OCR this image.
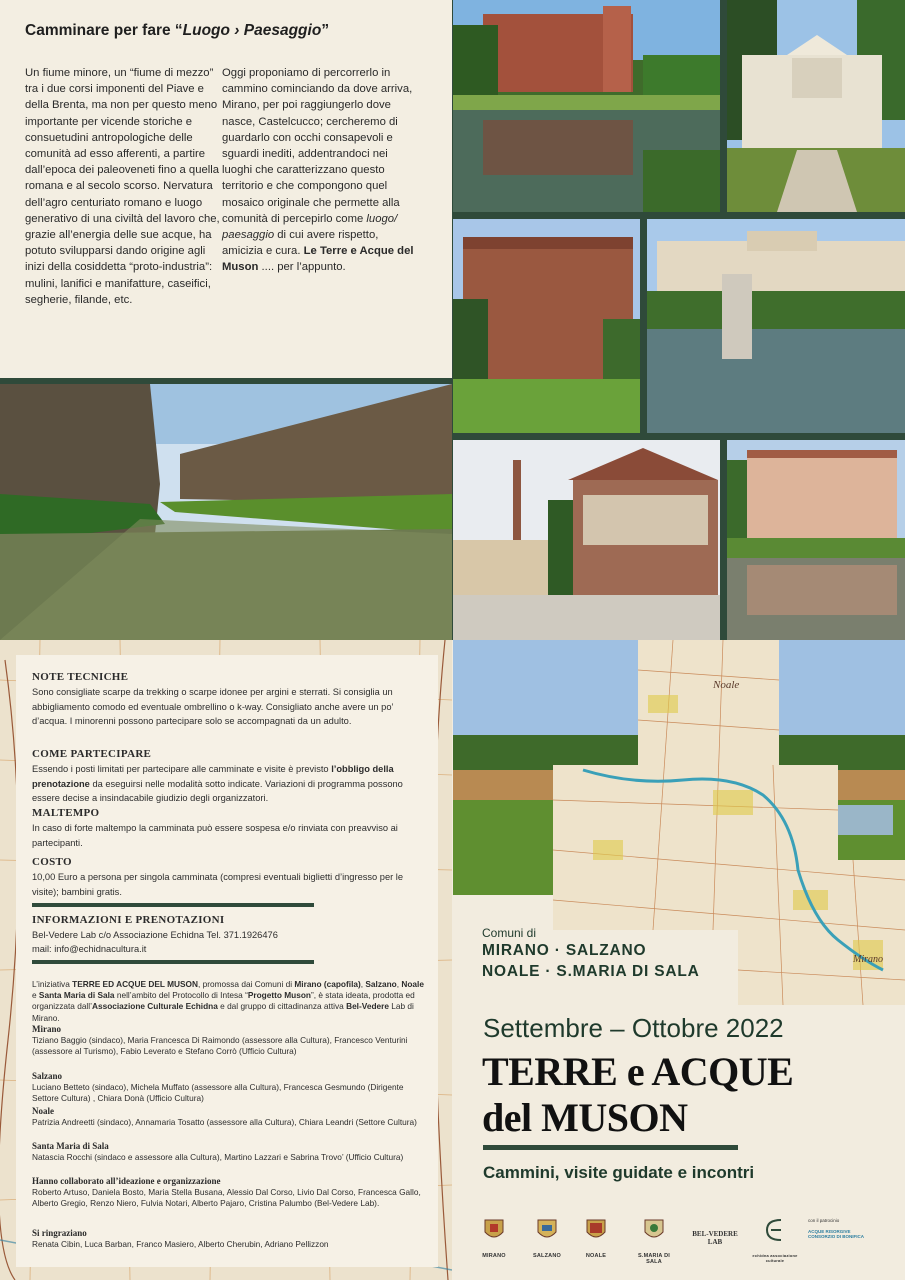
Camminare per fare “Luogo › Paesaggio”
Un fiume minore, un “fiume di mezzo” tra i due corsi imponenti del Piave e della Brenta, ma non per questo meno importante per vicende storiche e consuetudini antropologiche delle comunità ad esso afferenti, a partire dall’epoca dei paleoveneti fino a quella romana e al secolo scorso. Nervatura dell’agro centuriato romano e luogo generativo di una civiltà del lavoro che, grazie all’energia delle sue acque, ha potuto svilupparsi dando origine agli inizi della cosiddetta “proto-industria”: mulini, lanifici e manifatture, caseifici, segherie, filande, etc.
Oggi proponiamo di percorrerlo in cammino cominciando da dove arriva, Mirano, per poi raggiungerlo dove nasce, Castelcucco; cercheremo di guardarlo con occhi consapevoli e sguardi inediti, addentrandoci nei luoghi che caratterizzano questo territorio e che compongono quel mosaico originale che permette alla comunità di percepirlo come luogo/ paesaggio di cui avere rispetto, amicizia e cura. Le Terre e Acque del Muson .... per l’appunto.
NOTE TECNICHE
Sono consigliate scarpe da trekking o scarpe idonee per argini e sterrati. Si consiglia un abbigliamento comodo ed eventuale ombrellino o k-way. Consigliato anche avere un po’ d’acqua. I minorenni possono partecipare solo se accompagnati da un adulto.
COME PARTECIPARE
Essendo i posti limitati per partecipare alle camminate e visite è previsto l’obbligo della prenotazione da eseguirsi nelle modalità sotto indicate. Variazioni di programma possono essere decise a insindacabile giudizio degli organizzatori.
MALTEMPO
In caso di forte maltempo la camminata può essere sospesa e/o rinviata con preavviso ai partecipanti.
COSTO
10,00 Euro a persona per singola camminata (compresi eventuali biglietti d’ingresso per le visite); bambini gratis.
INFORMAZIONI E PRENOTAZIONI
Bel-Vedere Lab c/o Associazione Echidna Tel. 371.1926476
mail: info@echidnacultura.it
L’iniziativa TERRE ED ACQUE DEL MUSON, promossa dai Comuni di Mirano (capofila), Salzano, Noale e Santa Maria di Sala nell’ambito del Protocollo di Intesa “Progetto Muson”, è stata ideata, prodotta ed organizzata dall’Associazione Culturale Echidna e dal gruppo di cittadinanza attiva Bel-Vedere Lab di Mirano.
Mirano
Tiziano Baggio (sindaco), Maria Francesca Di Raimondo (assessore alla Cultura), Francesco Venturini (assessore al Turismo), Fabio Leverato e Stefano Corrò (Ufficio Cultura)
Salzano
Luciano Betteto (sindaco), Michela Muffato (assessore alla Cultura), Francesca Gesmundo (Dirigente Settore Cultura) , Chiara Donà (Ufficio Cultura)
Noale
Patrizia Andreetti (sindaco), Annamaria Tosatto (assessore alla Cultura), Chiara Leandri (Settore Cultura)
Santa Maria di Sala
Natascia Rocchi (sindaco e assessore alla Cultura), Martino Lazzari e Sabrina Trovo’ (Ufficio Cultura)
Hanno collaborato all’ideazione e organizzazione
Roberto Artuso, Daniela Bosto, Maria Stella Busana, Alessio Dal Corso, Livio Dal Corso, Francesca Gallo, Alberto Gregio, Renzo Niero, Fulvia Notari, Alberto Pajaro, Cristina Palumbo (Bel-Vedere Lab).
Si ringraziano
Renata Cibin, Luca Barban, Franco Masiero, Alberto Cherubin, Adriano Pellizzon
Noale
Mirano
Comuni di
MIRANO · SALZANO
NOALE · S.MARIA DI SALA
Settembre – Ottobre 2022
TERRE e ACQUE
del MUSON
Cammini, visite guidate e incontri
MIRANO	SALZANO	NOALE	S.MARIA DI SALA
BEL-VEDERE LAB
echidna associazione culturale
con il patrocinio
ACQUE RISORGIVE CONSORZIO DI BONIFICA
